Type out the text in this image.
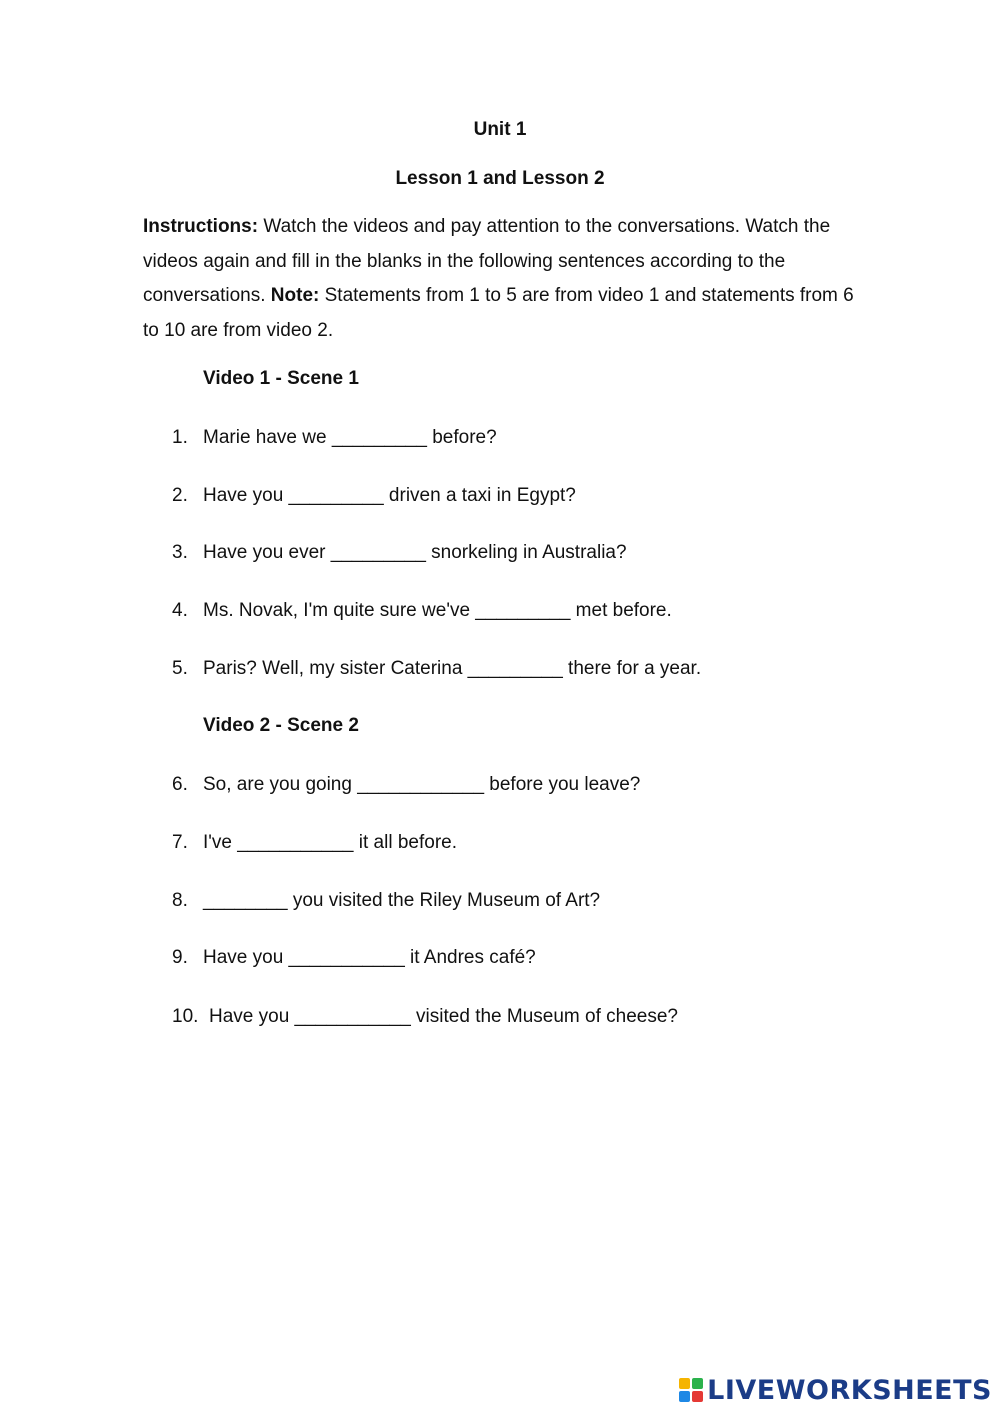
Unit 1
Lesson 1 and Lesson 2
Instructions: Watch the videos and pay attention to the conversations. Watch the videos again and fill in the blanks in the following sentences according to the conversations. Note: Statements from 1 to 5 are from video 1 and statements from 6 to 10 are from video 2.
Video 1 - Scene 1
1. Marie have we _________ before?
2. Have you _________ driven a taxi in Egypt?
3. Have you ever _________ snorkeling in Australia?
4. Ms. Novak, I'm quite sure we've _________ met before.
5. Paris? Well, my sister Caterina _________ there for a year.
Video 2 - Scene 2
6. So, are you going ____________ before you leave?
7. I've ___________ it all before.
8. ________ you visited the Riley Museum of Art?
9. Have you ___________ it Andres café?
10. Have you ___________ visited the Museum of cheese?
LIVEWORKSHEETS
